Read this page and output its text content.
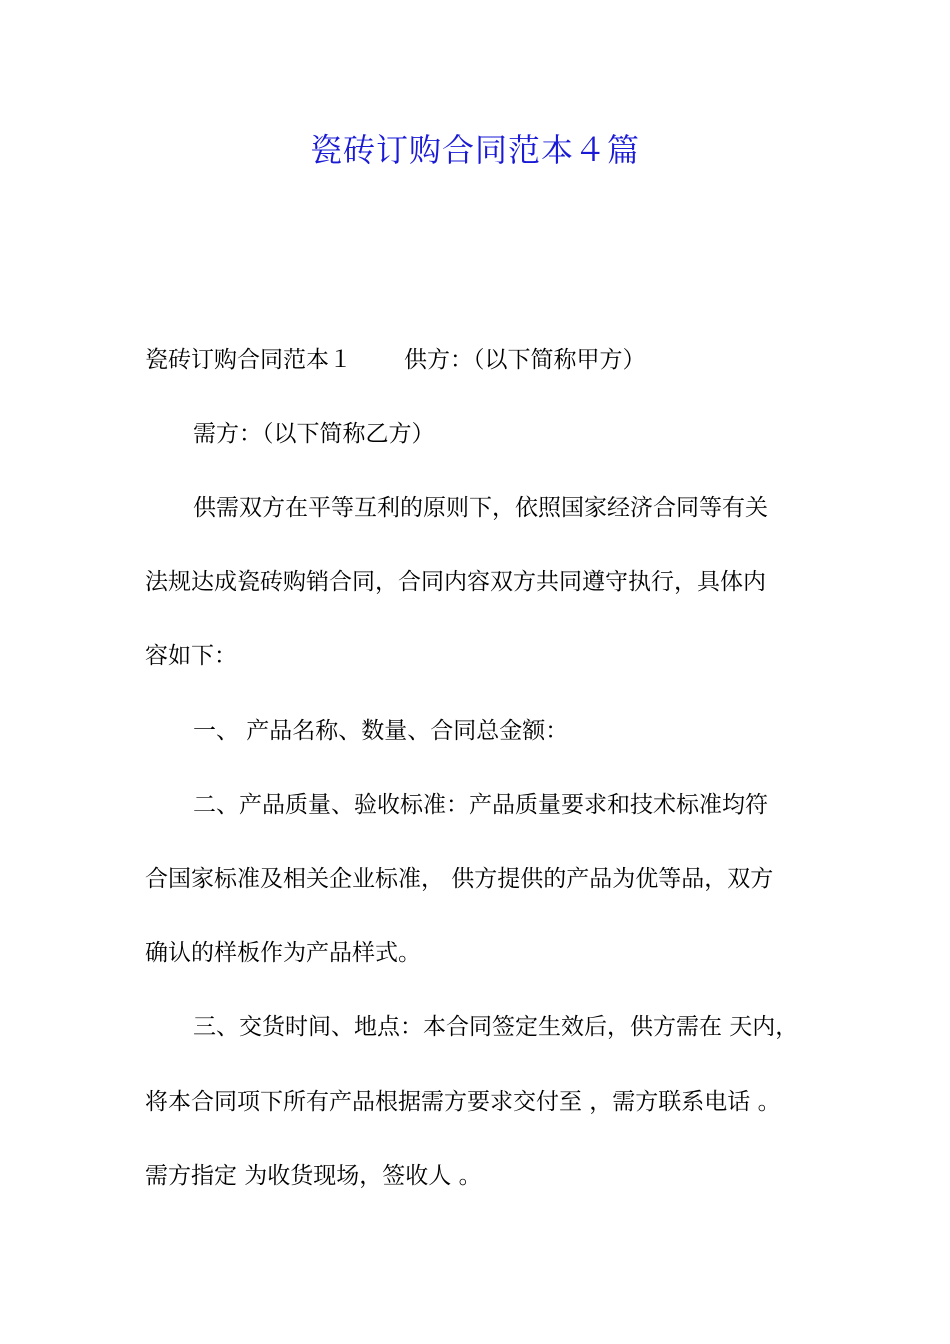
瓷砖订购合同范本４篇
瓷砖订购合同范本１ 供方：（以下简称甲方）
需方：（以下简称乙方）
供需双方在平等互利的原则下，依照国家经济合同等有关
法规达成瓷砖购销合同，合同内容双方共同遵守执行，具体内
容如下：
一、 产品名称、数量、合同总金额：
二、产品质量、验收标准：产品质量要求和技术标准均符
合国家标准及相关企业标准， 供方提供的产品为优等品，双方
确认的样板作为产品样式。
三、交货时间、地点：本合同签定生效后，供方需在 天内，
将本合同项下所有产品根据需方要求交付至 ，需方联系电话 。
需方指定 为收货现场，签收人 。
